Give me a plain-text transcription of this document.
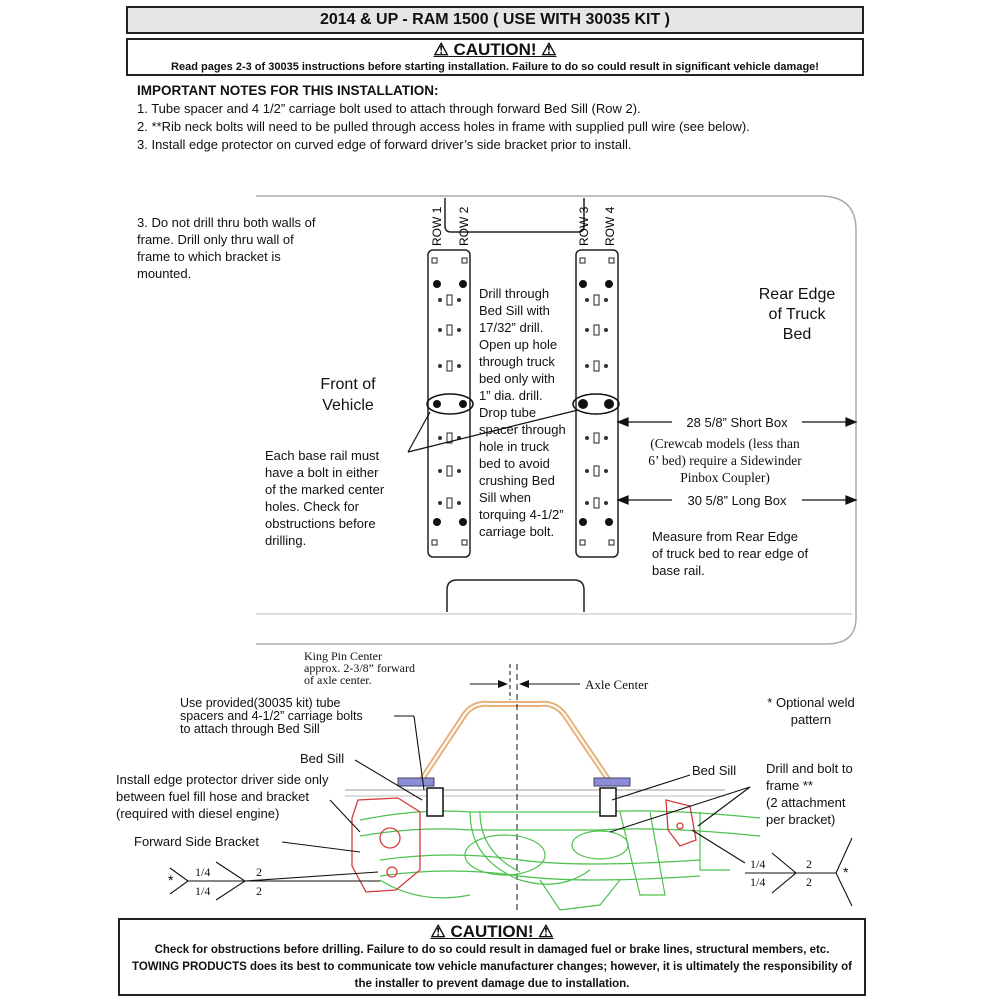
2014 & UP - RAM 1500 ( USE WITH 30035 KIT )
⚠ CAUTION! ⚠
Read pages 2-3 of 30035 instructions before starting installation. Failure to do so could result in significant vehicle damage!
IMPORTANT NOTES FOR THIS INSTALLATION:
1. Tube spacer and 4 1/2” carriage bolt used to attach through forward Bed Sill (Row 2).
2. **Rib neck bolts will need to be pulled through access holes in frame with supplied pull wire (see below).
3. Install edge protector on curved edge of forward driver’s side bracket prior to install.
ROW 1 ROW 2	ROW 3 ROW 4
3. Do not drill thru both walls of frame. Drill only thru wall of frame to which bracket is mounted.
Front of
Vehicle
Each base rail must
have a bolt in either
of the marked center
holes. Check for
obstructions before
drilling.
Drill through
Bed Sill with
17/32” drill.
Open up hole
through truck
bed only with
1” dia. drill.
Drop tube
spacer through
hole in truck
bed to avoid
crushing Bed
Sill when
torquing 4-1/2”
carriage bolt.
Rear Edge
of Truck
Bed
28 5/8” Short Box
(Crewcab models (less than
6’ bed) require a Sidewinder
Pinbox Coupler)
30 5/8” Long Box
Measure from Rear Edge
of truck bed to rear edge of
base rail.
King Pin Center
approx. 2-3/8” forward
of axle center.	Axle Center
* Optional weld
pattern
Use provided(30035 kit) tube
spacers and 4-1/2” carriage bolts
to attach through Bed Sill
Bed Sill
Bed Sill Drill and bolt to
frame **
(2 attachment
per bracket)
Install edge protector driver side only
between fuel fill hose and bracket
(required with diesel engine)
Forward Side Bracket
* 1/4
1/4
2
2
1/4
1/4
2
2
*
⚠ CAUTION! ⚠
Check for obstructions before drilling. Failure to do so could result in damaged fuel or brake lines, structural members, etc.
TOWING PRODUCTS does its best to communicate tow vehicle manufacturer changes; however, it is ultimately the responsibility of
the installer to prevent damage due to installation.
